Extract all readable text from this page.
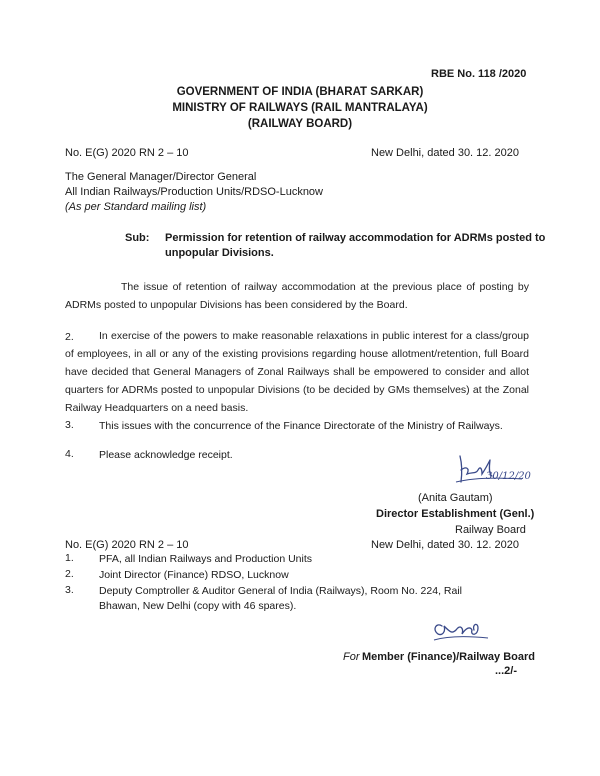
RBE No. 118 /2020
GOVERNMENT OF INDIA (BHARAT SARKAR)
MINISTRY OF RAILWAYS (RAIL MANTRALAYA)
(RAILWAY BOARD)
No. E(G) 2020 RN 2 – 10	New Delhi, dated 30. 12. 2020
The General Manager/Director General
All Indian Railways/Production Units/RDSO-Lucknow
(As per Standard mailing list)
Sub: Permission for retention of railway accommodation for ADRMs posted to
unpopular Divisions.
The issue of retention of railway accommodation at the previous place of posting by ADRMs posted to unpopular Divisions has been considered by the Board.
2.	In exercise of the powers to make reasonable relaxations in public interest for a class/group of employees, in all or any of the existing provisions regarding house allotment/retention, full Board have decided that General Managers of Zonal Railways shall be empowered to consider and allot quarters for ADRMs posted to unpopular Divisions (to be decided by GMs themselves) at the Zonal Railway Headquarters on a need basis.
3. This issues with the concurrence of the Finance Directorate of the Ministry of Railways.
4. Please acknowledge receipt.
30/12/20
(Anita Gautam)
Director Establishment (Genl.)
Railway Board
No. E(G) 2020 RN 2 – 10	New Delhi, dated 30. 12. 2020
1. PFA, all Indian Railways and Production Units
2. Joint Director (Finance) RDSO, Lucknow
3. Deputy Comptroller & Auditor General of India (Railways), Room No. 224, Rail
Bhawan, New Delhi (copy with 46 spares).
For Member (Finance)/Railway Board
...2/-
